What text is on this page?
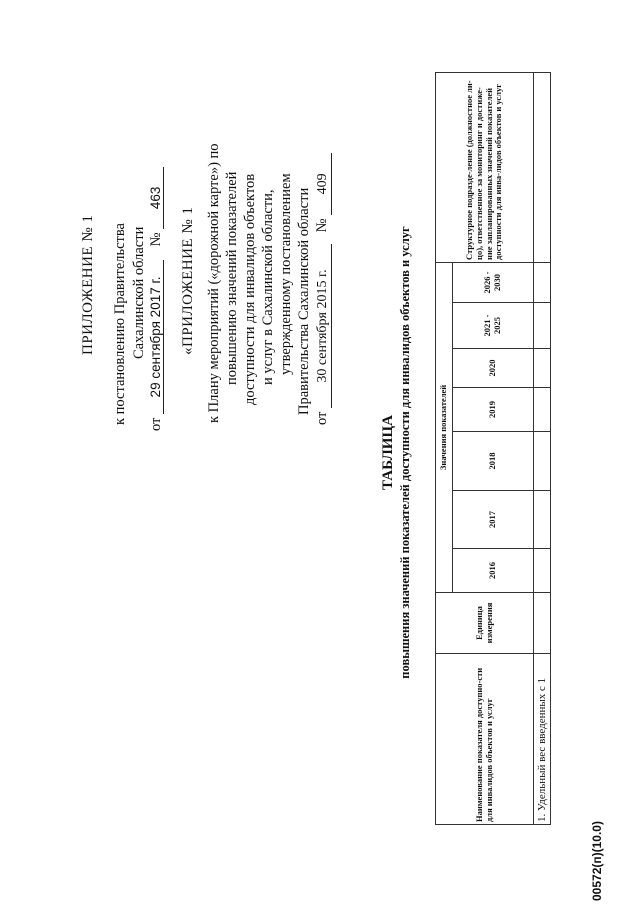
ПРИЛОЖЕНИЕ № 1 к постановлению Правительства Сахалинской области
от 29 сентября 2017 г. № 463
«ПРИЛОЖЕНИЕ № 1 к Плану мероприятий («дорожной карте») по повышению значений показателей доступности для инвалидов объектов и услуг в Сахалинской области, утвержденному постановлением Правительства Сахалинской области
от 30 сентября 2015 г. № 409
ТАБЛИЦА повышения значений показателей доступности для инвалидов объектов и услуг
Наименование показателя доступно-сти для инвалидов объектов и услуг	Единица измерения	Значения показателей							Структурное подразде-ление (должностное ли-цо), ответственное за мониторинг и достиже-ние запланированных значений показателей доступности для инва-лидов объектов и услуг
		2016	2017	2018	2019	2020	2021 - 2025	2026 - 2030	
1. Удельный вес введенных с 1									
00572(п)(10.0)
